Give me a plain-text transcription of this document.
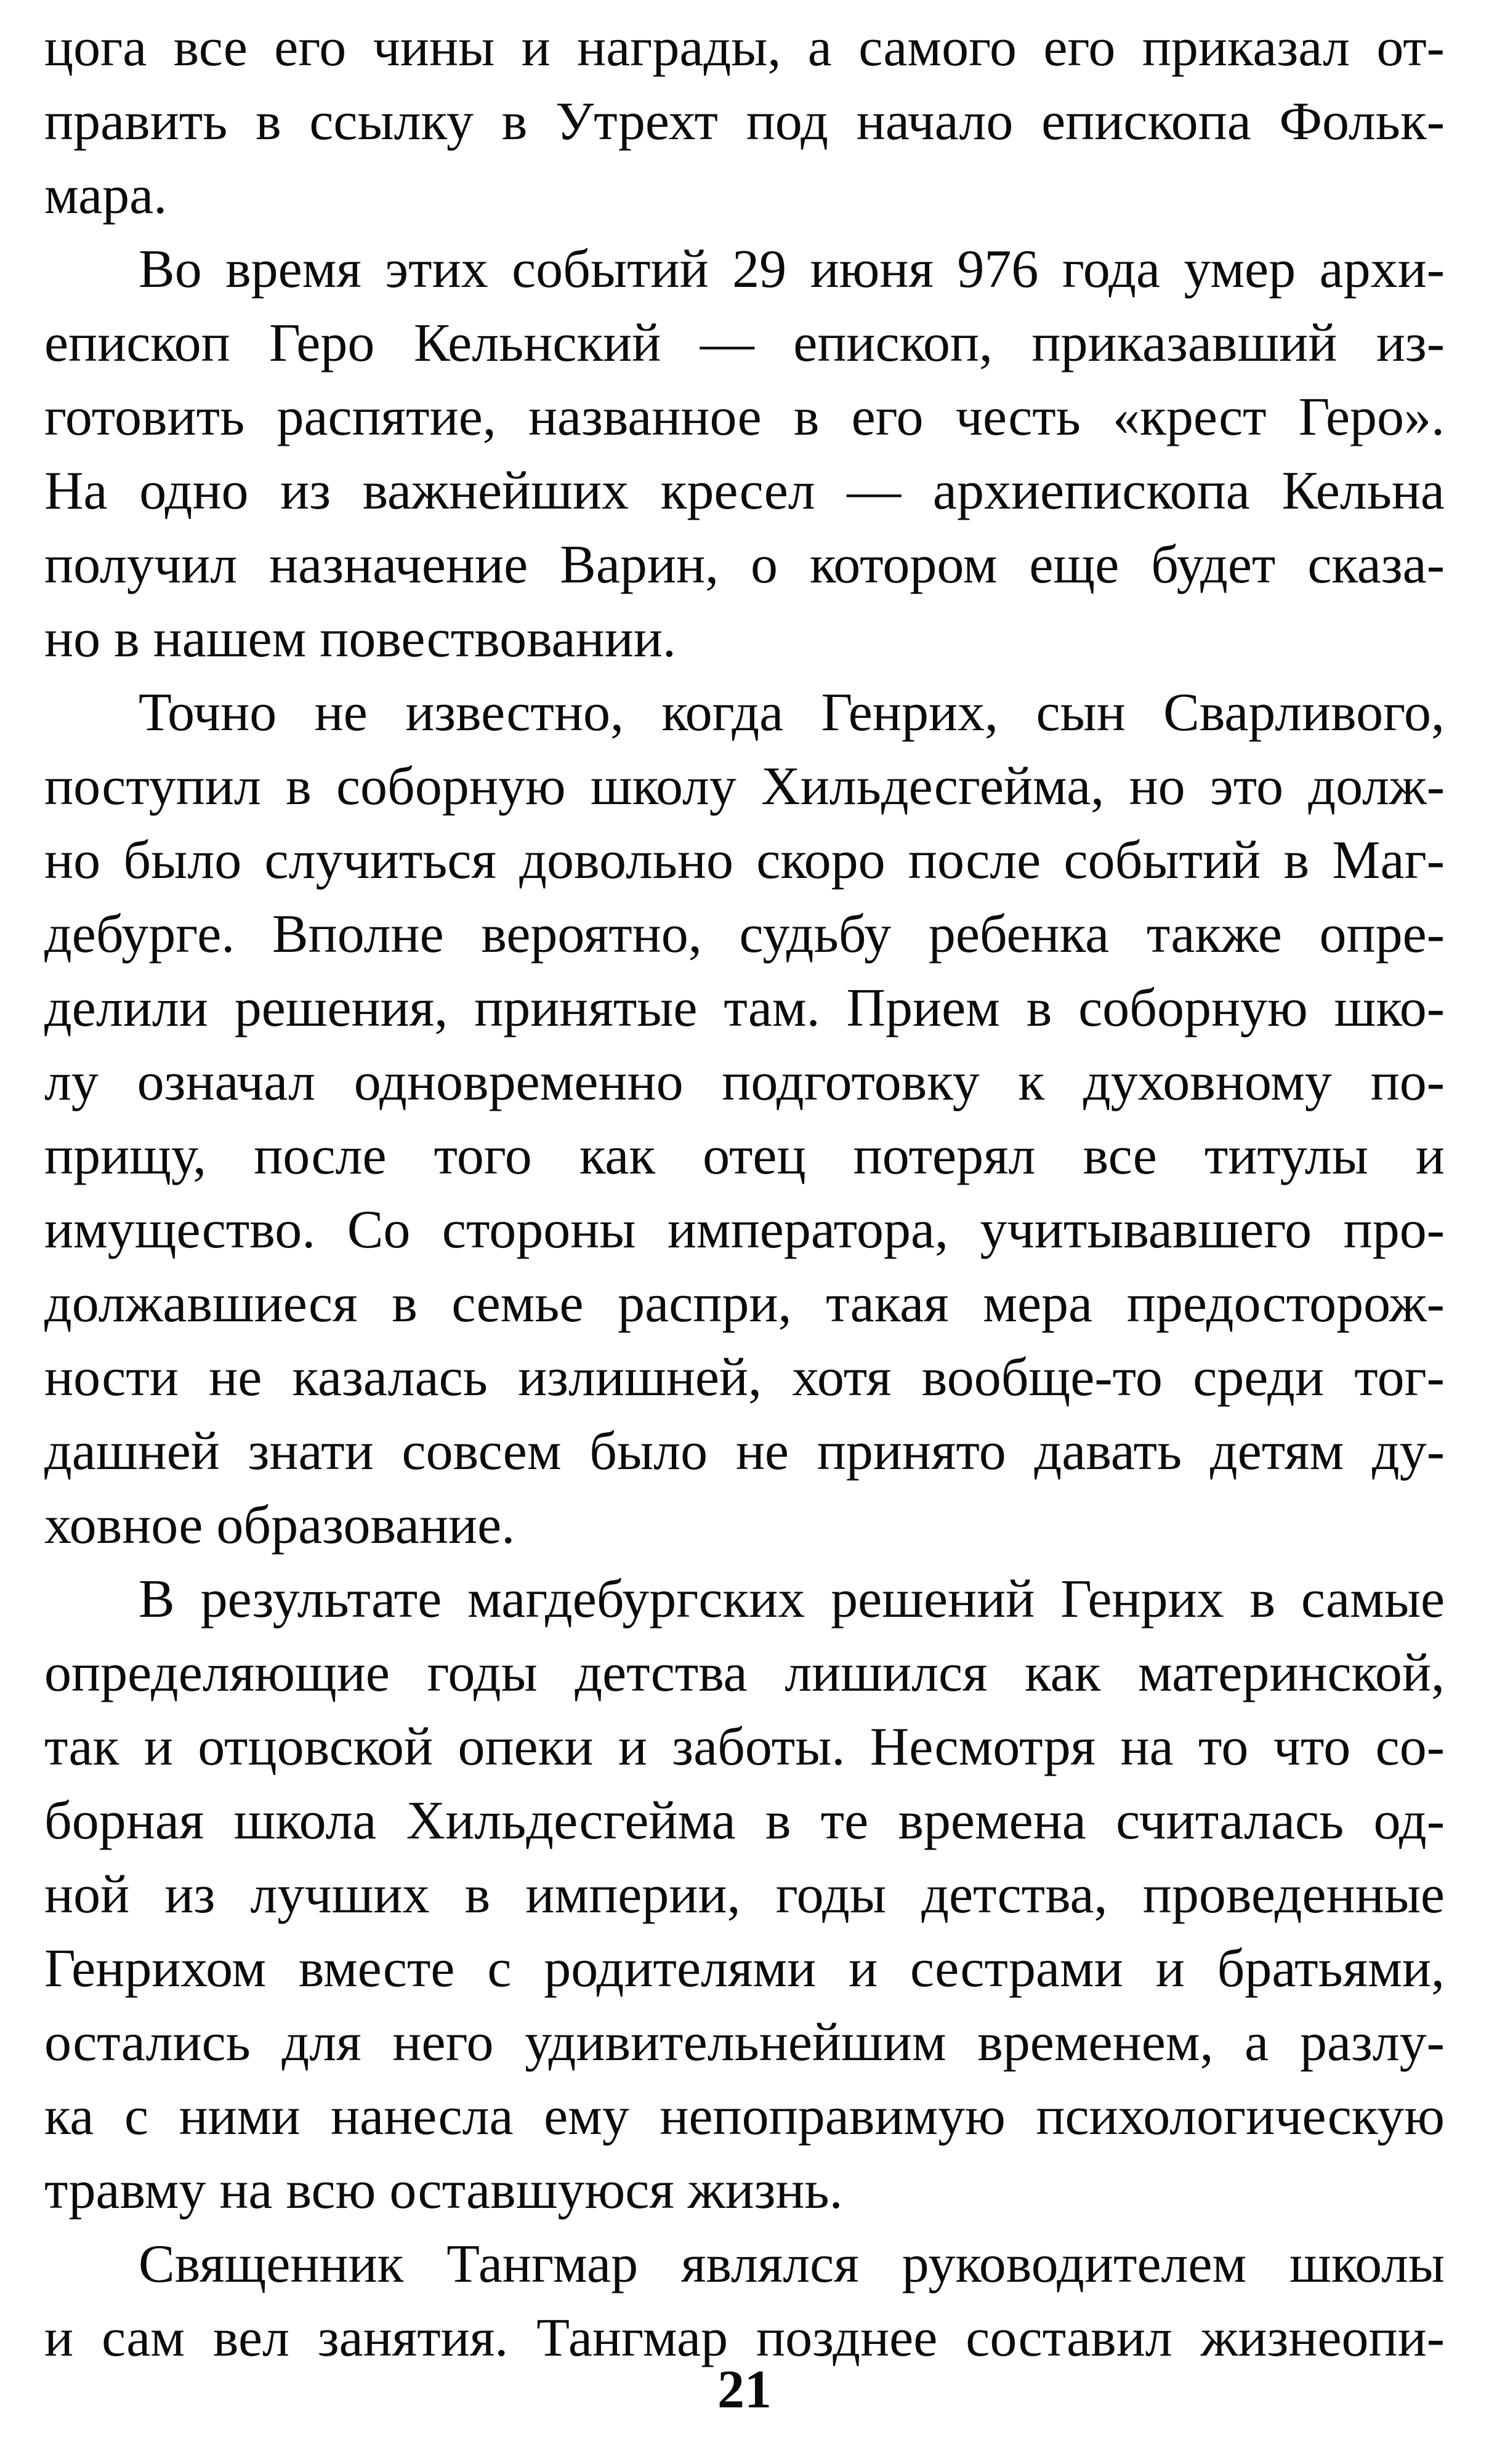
цога все его чины и награды, а самого его приказал от-
править в ссылку в Утрехт под начало епископа Фольк-
мара.
Во время этих событий 29 июня 976 года умер архи-
епископ Геро Кельнский — епископ, приказавший из-
готовить распятие, названное в его честь «крест Геро».
На одно из важнейших кресел — архиепископа Кельна
получил назначение Варин, о котором еще будет сказа-
но в нашем повествовании.
Точно не известно, когда Генрих, сын Сварливого,
поступил в соборную школу Хильдесгейма, но это долж-
но было случиться довольно скоро после событий в Маг-
дебурге. Вполне вероятно, судьбу ребенка также опре-
делили решения, принятые там. Прием в соборную шко-
лу означал одновременно подготовку к духовному по-
прищу, после того как отец потерял все титулы и
имущество. Со стороны императора, учитывавшего про-
должавшиеся в семье распри, такая мера предосторож-
ности не казалась излишней, хотя вообще-то среди тог-
дашней знати совсем было не принято давать детям ду-
ховное образование.
В результате магдебургских решений Генрих в самые
определяющие годы детства лишился как материнской,
так и отцовской опеки и заботы. Несмотря на то что со-
борная школа Хильдесгейма в те времена считалась од-
ной из лучших в империи, годы детства, проведенные
Генрихом вместе с родителями и сестрами и братьями,
остались для него удивительнейшим временем, а разлу-
ка с ними нанесла ему непоправимую психологическую
травму на всю оставшуюся жизнь.
Священник Тангмар являлся руководителем школы
и сам вел занятия. Тангмар позднее составил жизнеопи-
21
